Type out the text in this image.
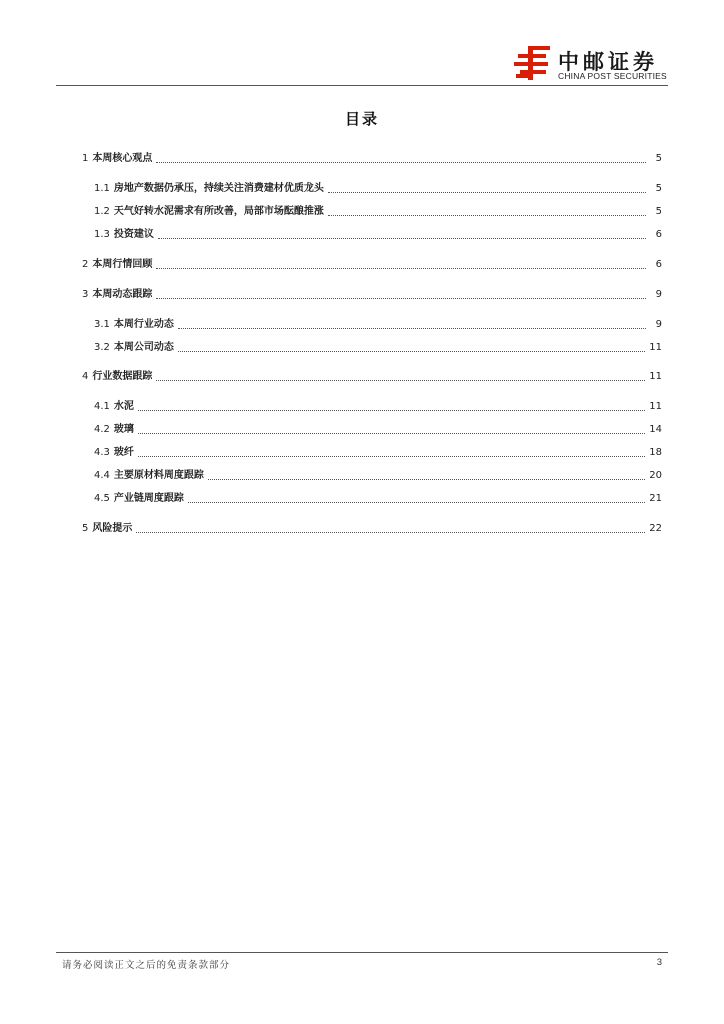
中邮证券
CHINA POST SECURITIES
目录
1 本周核心观点	5
1.1 房地产数据仍承压，持续关注消费建材优质龙头	5
1.2 天气好转水泥需求有所改善，局部市场酝酿推涨	5
1.3 投资建议	6
2 本周行情回顾	6
3 本周动态跟踪	9
3.1 本周行业动态	9
3.2 本周公司动态	11
4 行业数据跟踪	11
4.1 水泥	11
4.2 玻璃	14
4.3 玻纤	18
4.4 主要原材料周度跟踪	20
4.5 产业链周度跟踪	21
5 风险提示	22
请务必阅读正文之后的免责条款部分	3
